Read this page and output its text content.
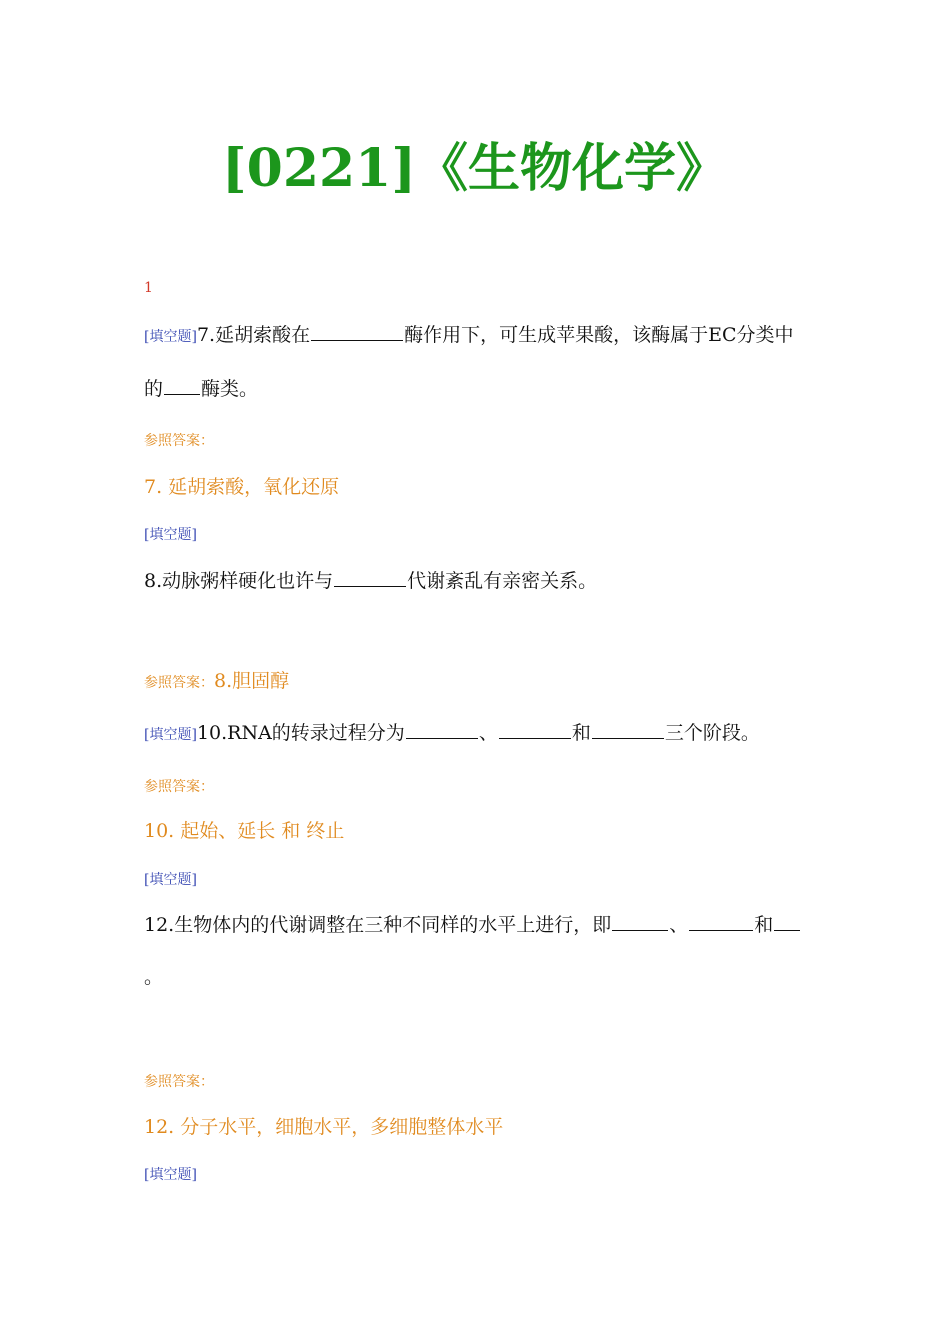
[0221]《生物化学》
1
[填空题]7.延胡索酸在	酶作用下，可生成苹果酸，该酶属于EC分类中
的 酶类。
参照答案：
7. 延胡索酸，氧化还原
[填空题]
8.动脉粥样硬化也许与	代谢紊乱有亲密关系。
参照答案：8.胆固醇
[填空题]10.RNA的转录过程分为	、	和	三个阶段。
参照答案：
10. 起始、延长 和 终止
[填空题]
12.生物体内的代谢调整在三种不同样的水平上进行，即	、	和
。
参照答案：
12. 分子水平，细胞水平，多细胞整体水平
[填空题]
